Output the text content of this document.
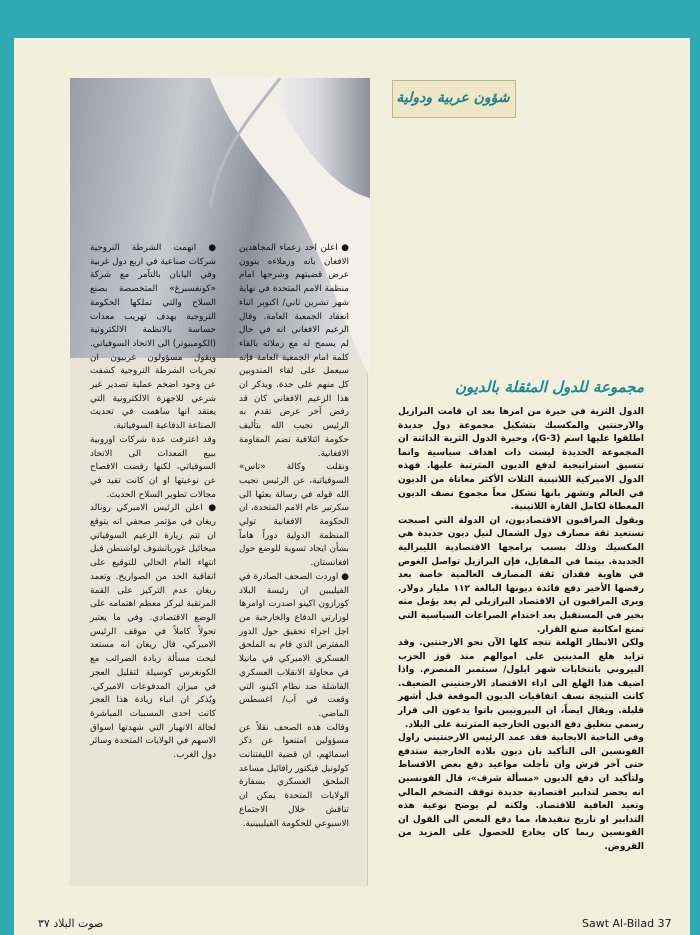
شؤون عربية ودولية
مجموعة للدول المثقلة بالديون

الدول الثرية في حيرة من امرها بعد ان قامت البرازيل والارجنتين والمكسيك بتشكيل مجموعة دول جديدة اطلقوا عليها اسم (G-3)، وحيرة الدول الثرية الدائنة ان المجموعة الجديدة ليست ذات اهداف سياسية وانما تنسيق استراتيجية لدفع الديون المترتبة عليها. فهذه الدول الاميركية اللاتينية الثلاث الأكثر معاناة من الديون في العالم وتشهر بانها تشكل معاً مجموع نصف الديون المعطاة لكامل القارة اللاتينية.

ويقول المراقبون الاقتصاديون، ان الدولة التي اصبحت تستعيد ثقة مصارف دول الشمال لنيل ديون جديدة هي المكسيك وذلك بسبب برامجها الاقتصادية الليبرالية الجديدة. بينما في المقابل، فإن البرازيل تواصل الغوص في هاوية فقدان ثقة المصارف العالمية خاصة بعد رفضها الأخير دفع فائدة ديونها البالغة ١١٢ مليار دولار. ويرى المراقبون ان الاقتصاد البرازيلي لم يعد يؤمل منه بخير في المستقبل بعد احتدام الصراعات السياسية التي تمنع امكانية صنع القرار.

ولكن الانظار الهلعة تتجه كلها الآن نحو الارجنتين. وقد تزايد هلع المدينين على اموالهم منذ فوز الحزب البيروني بانتخابات شهر ايلول/ سبتمبر المنصرم. واذا اضيف هذا الهلع الى اداء الاقتصاد الارجنتيني الضعيف. كانت النتيجة نسف اتفاقيات الديون الموقعة قبل أشهر قليلة. ويقال ايضاً، ان البيرونيين باتوا يدعون الى قرار رسمي بتعليق دفع الديون الخارجية المترتبة على البلاد.

وفي الناحية الايجابية فقد عمد الرئيس الارجنتيني راول الفونسين الى التأكيد بان ديون بلاده الخارجية ستدفع حتى آخر قرش وان تأجلت مواعيد دفع بعض الاقساط ولتأكيد ان دفع الديون «مسألة شرف»، قال الفونسين انه يحضر لتدابير اقتصادية جديدة توقف التضخم المالي وتعيد العافية للاقتصاد. ولكنه لم يوضح نوعية هذه التدابير او تاريخ تنفيذها، مما دفع البعض الى القول ان الفونسين ربما كان يخادع للحصول على المزيد من القروض.

● اعلن احد زعماء المجاهدين الافغان بانه وزملاءه ينوون عرض قضيتهم وشرحها امام منظمة الامم المتحدة في نهاية شهر تشرين ثاني/ اكتوبر اثناء انعقاد الجمعية العامة. وقال الزعيم الافغاني انه في حال لم يسمح له مع زملائه بالقاء كلمة امام الجمعية العامة فإنه سيعمل على لقاء المندوبين كل منهم على حدة. ويذكر ان هذا الزعيم الافغاني كان قد رفض آخر عرض تقدم به الرئيس نجيب الله بتأليف حكومة ائتلافية تضم المقاومة الافغانية.

ونقلت وكالة «تاس» السوفياتية، عن الرئيس نجيب الله قوله في رسالة بعثها الى سكرتير عام الامم المتحدة، ان الحكومة الافغانية تولي المنظمة الدولية دوراً هاماً بشأن ايجاد تسوية للوضع حول افغانستان.

● اوردت الصحف الصادرة في الفيليبين ان رئيسة البلاد كورازون اكينو اصدرت اوامرها لوزارتي الدفاع والخارجية من اجل اجراء تحقيق حول الدور المفترض الذي قام به الملحق العسكري الاميركي في مانيلا في محاولة الانقلاب العسكري الفاشلة ضد نظام اكينو، التي وقعت في آب/ اغسطس الماضي.

وقالت هذه الصحف نقلاً عن مسؤولين امتنعوا عن ذكر اسمائهم، ان قضية الليفتنانت كولونيل فيكتور رافائيل مساعد الملحق العسكري بسفارة الولايات المتحدة يمكن ان تناقش خلال الاجتماع الاسبوعي للحكومة الفيليبينية.

● اتهمت الشرطة النروجية شركات صناعية في اربع دول غربية وفي اليابان بالتآمر مع شركة «كونغسبرغ» المتخصصة بصنع السلاح والتي تملكها الحكومة النروجية بهدف تهريب معدات حساسة بالانظمة الالكترونية (الكومبيوتر) الى الاتحاد السوفياتي. ويقول مسؤولون غربيون ان تحريات الشرطة النروجية كشفت عن وجود اضخم عملية تصدير غير شرعي للاجهزة الالكترونية التي يعتقد انها ساهمت في تحديث الصناعة الدفاعية السوفياتية.

وقد اعترفت عدة شركات اوروبية ببيع المعدات الى الاتحاد السوفياتي، لكنها رفضت الافصاح عن نوعيتها او ان كانت تفيد في مجالات تطوير السلاح الحديث.

● اعلن الرئيس الاميركي رونالد ريغان في مؤتمر صحفي انه يتوقع ان تتم زيارة الزعيم السوفياتي ميخائيل غورباتشوف لواشنطن قبل انتهاء العام الحالي للتوقيع على اتفاقية الحد من الصواريخ. وتعمد ريغان عدم التركيز على القمة المرتقبة ليركز معظم اهتمامه على الوضع الاقتصادي. وفي ما يعتبر تحولاً كاملاً في موقف الرئيس الاميركي، قال ريغان انه مستعد لبحث مسألة زيادة الضرائب مع الكونغرس كوسيلة لتقليل العجز في ميزان المدفوعات الاميركي. ويُذكر ان انباء زيادة هذا العجز كانت احدى المسببات المباشرة لحالة الانهيار التي شهدتها اسواق الاسهم في الولايات المتحدة وسائر دول الغرب.

Sawt Al-Bilad 37
صوت البلاد ٣٧
